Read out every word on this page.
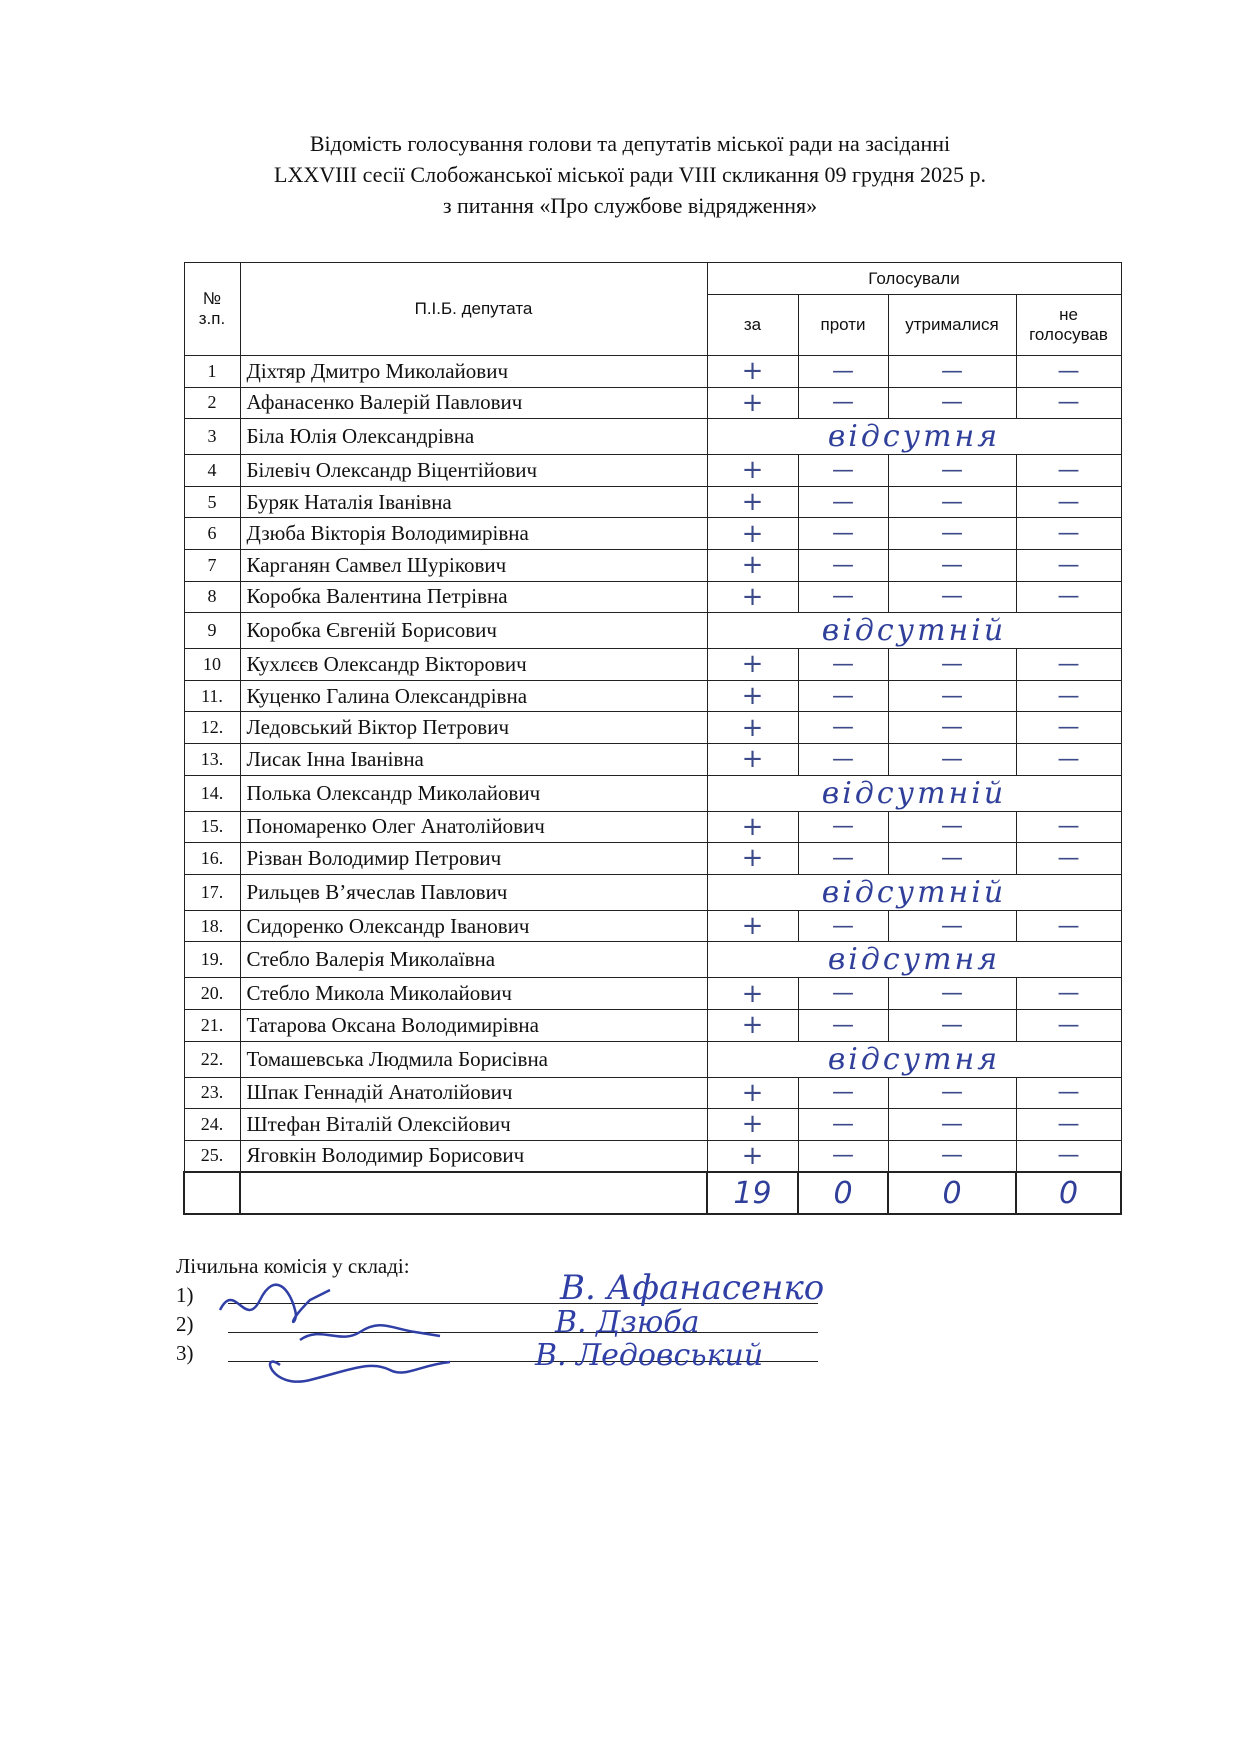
Відомість голосування голови та депутатів міської ради на засіданні
LXXVIII сесії Слобожанської міської ради VIII скликання 09 грудня 2025 р.
з питання «Про службове відрядження»
№
з.п.	П.І.Б. депутата	Голосували			
		за	проти	утрималися	не
голосував

1	Діхтяр Дмитро Миколайович	+	—	—	—
2	Афанасенко Валерій Павлович	+	—	—	—
3	Біла Юлія Олександрівна	відсутня			
4	Білевіч Олександр Віцентійович	+	—	—	—
5	Буряк Наталія Іванівна	+	—	—	—
6	Дзюба Вікторія Володимирівна	+	—	—	—
7	Карганян Самвел Шурікович	+	—	—	—
8	Коробка Валентина Петрівна	+	—	—	—
9	Коробка Євгеній Борисович	відсутній			
10	Кухлєєв Олександр Вікторович	+	—	—	—
11.	Куценко Галина Олександрівна	+	—	—	—
12.	Ледовський Віктор Петрович	+	—	—	—
13.	Лисак Інна Іванівна	+	—	—	—
14.	Полька Олександр Миколайович	відсутній			
15.	Пономаренко Олег Анатолійович	+	—	—	—
16.	Різван Володимир Петрович	+	—	—	—
17.	Рильцев В’ячеслав Павлович	відсутній			
18.	Сидоренко Олександр Іванович	+	—	—	—
19.	Стебло Валерія Миколаївна	відсутня			
20.	Стебло Микола Миколайович	+	—	—	—
21.	Татарова Оксана Володимирівна	+	—	—	—
22.	Томашевська Людмила Борисівна	відсутня			
23.	Шпак Геннадій Анатолійович	+	—	—	—
24.	Штефан Віталій Олексійович	+	—	—	—
25.	Яговкін Володимир Борисович	+	—	—	—
		19	0	0	0
Лічильна комісія у складі:
1)
2)
3)
В. Афанасенко
В. Дзюба
В. Ледовський
